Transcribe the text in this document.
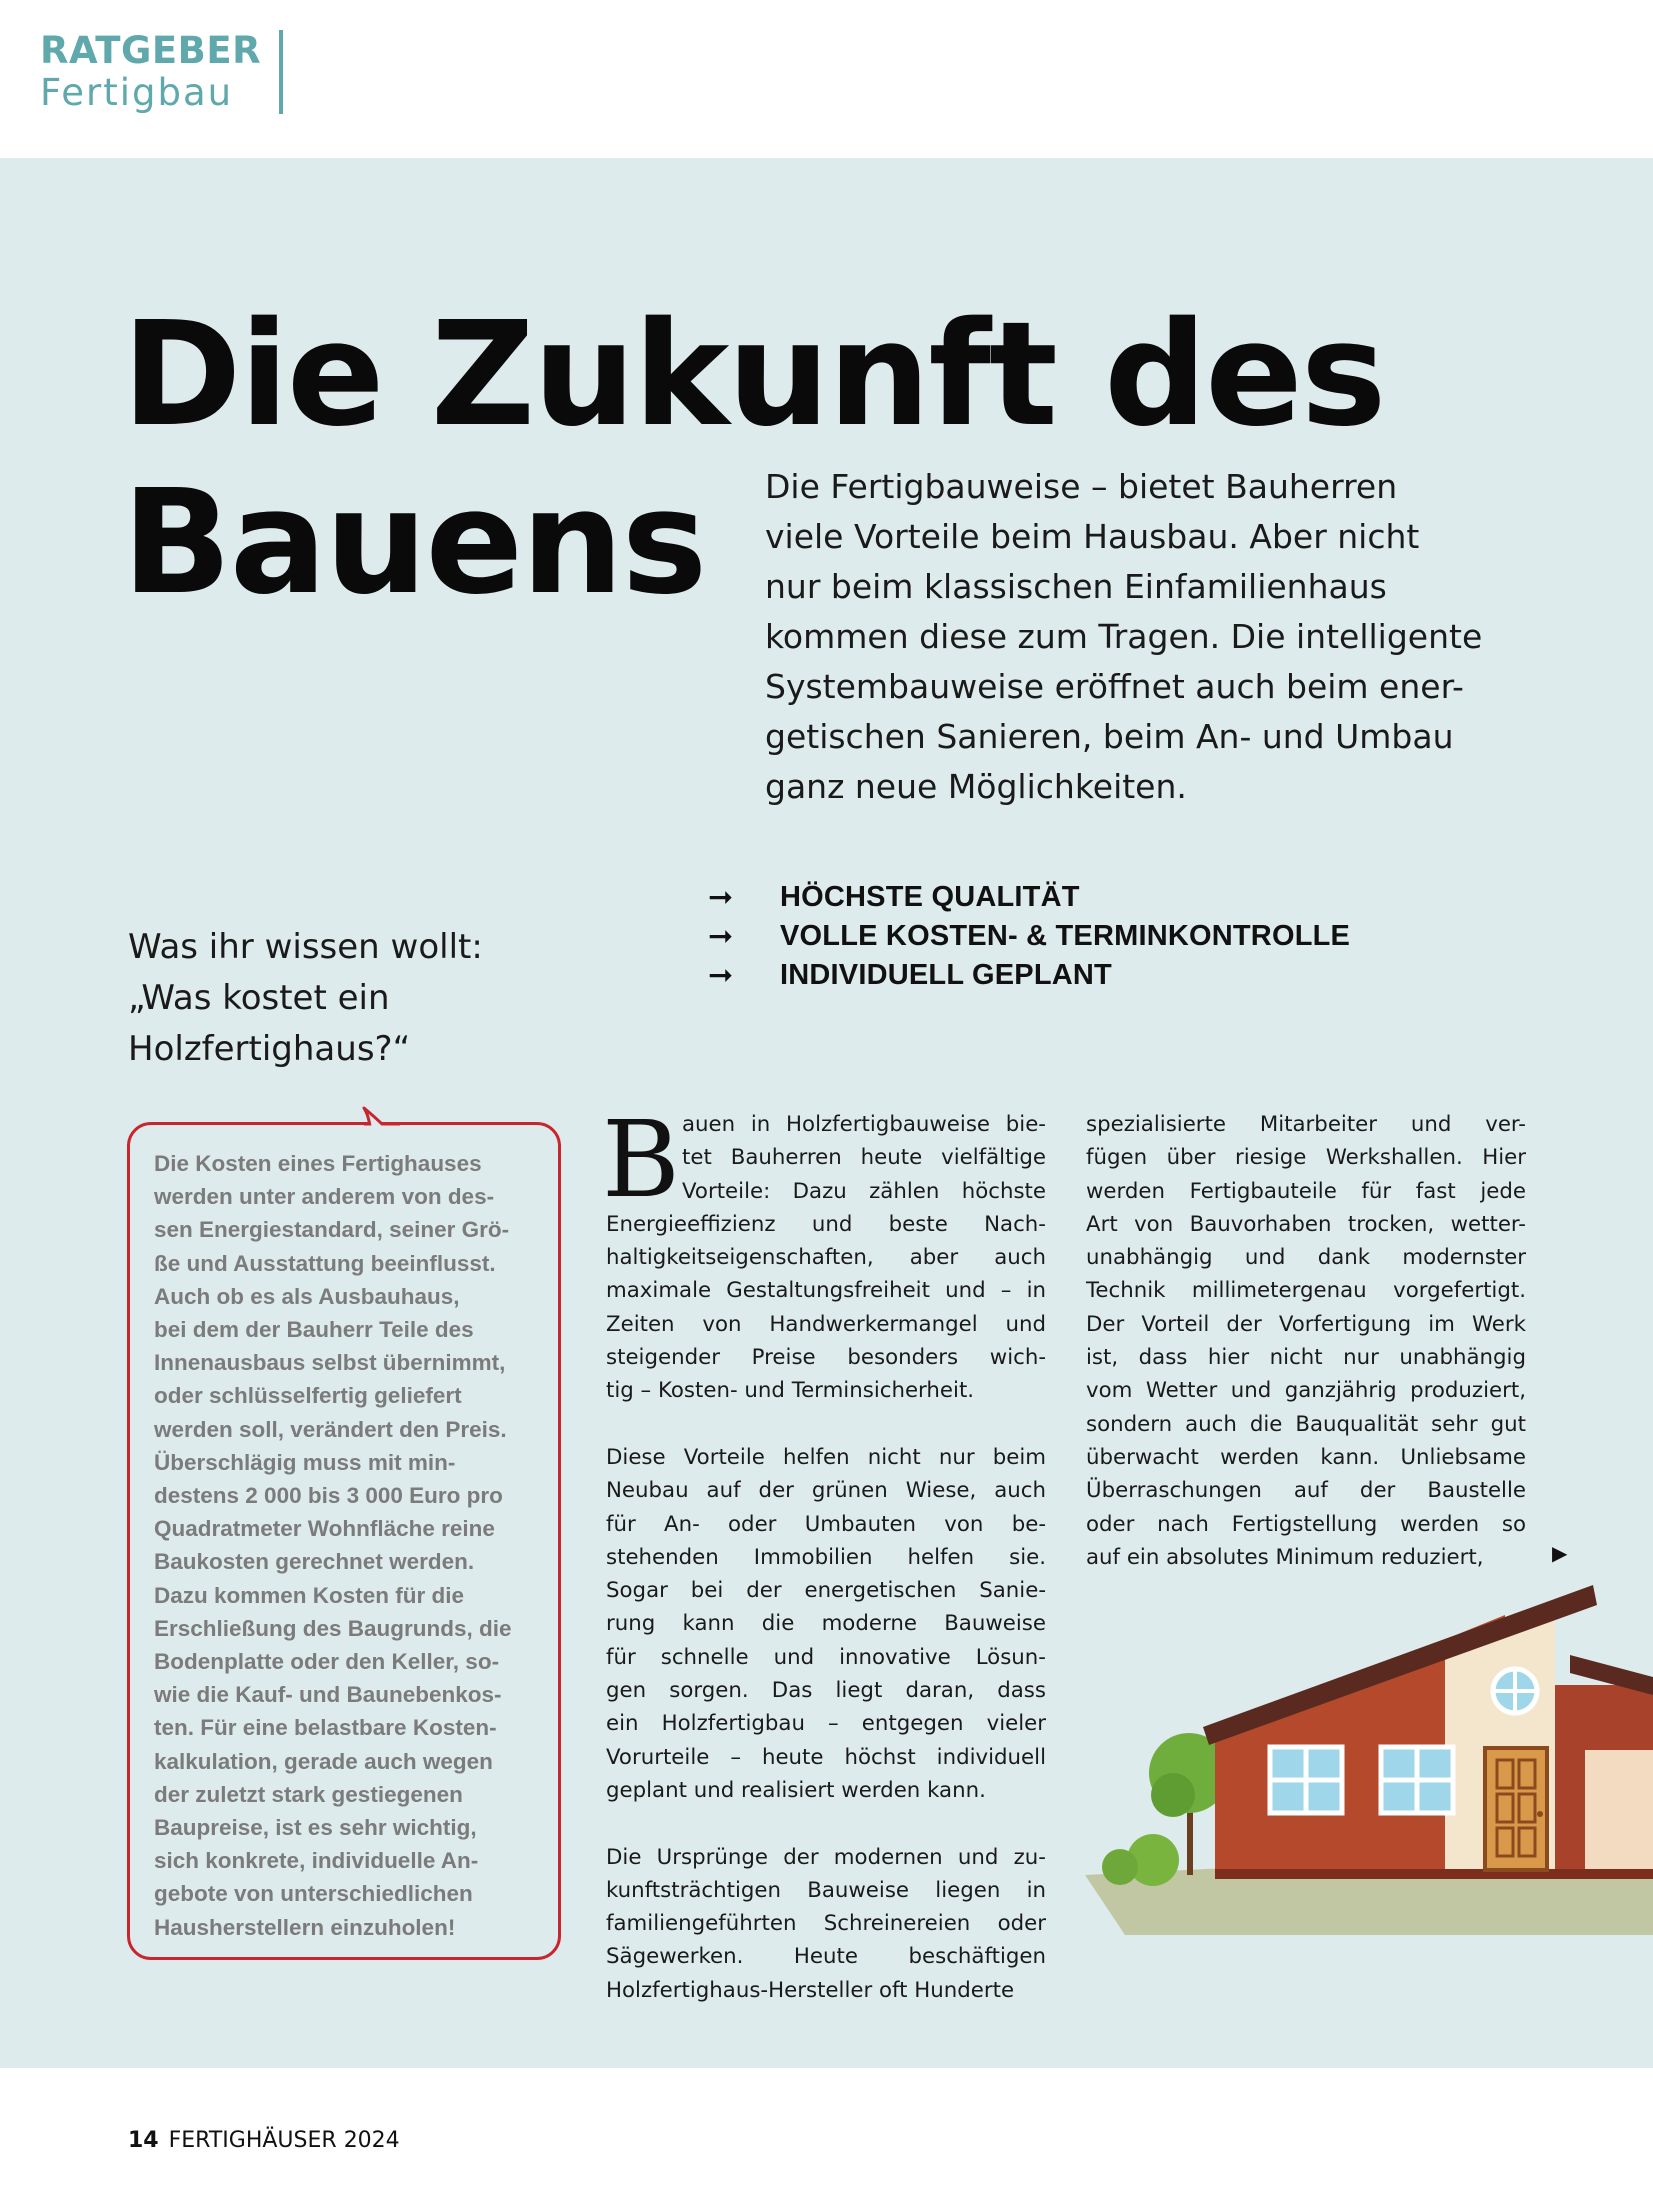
RATGEBER
Fertigbau
Die Zukunft des
Bauens	Die Fertigbauweise – bietet Bauherren
viele Vorteile beim Hausbau. Aber nicht
nur beim klassischen Einfamilienhaus
kommen diese zum Tragen. Die intelligente
Systembauweise eröffnet auch beim ener-
getischen Sanieren, beim An- und Umbau
ganz neue Möglichkeiten.
➞	HÖCHSTE QUALITÄT
➞	VOLLE KOSTEN- & TERMINKONTROLLE
➞	INDIVIDUELL GEPLANT
Was ihr wissen wollt:
„Was kostet ein
Holzfertighaus?“
Die Kosten eines Fertighauses
werden unter anderem von des-
sen Energiestandard, seiner Grö-
ße und Ausstattung beeinflusst.
Auch ob es als Ausbauhaus,
bei dem der Bauherr Teile des
Innenausbaus selbst übernimmt,
oder schlüsselfertig geliefert
werden soll, verändert den Preis.
Überschlägig muss mit min-
destens 2 000 bis 3 000 Euro pro
Quadratmeter Wohnfläche reine
Baukosten gerechnet werden.
Dazu kommen Kosten für die
Erschließung des Baugrunds, die
Bodenplatte oder den Keller, so-
wie die Kauf- und Baunebenkos-
ten. Für eine belastbare Kosten-
kalkulation, gerade auch wegen
der zuletzt stark gestiegenen
Baupreise, ist es sehr wichtig,
sich konkrete, individuelle An-
gebote von unterschiedlichen
Hausherstellern einzuholen!
B auen in Holzfertigbauweise bie-
tet Bauherren heute vielfältige
Vorteile: Dazu zählen höchste
Energieeffizienz und beste Nach-
haltigkeitseigenschaften, aber auch
maximale Gestaltungsfreiheit und – in
Zeiten von Handwerkermangel und
steigender Preise besonders wich-
tig – Kosten- und Terminsicherheit.
Diese Vorteile helfen nicht nur beim
Neubau auf der grünen Wiese, auch
für An- oder Umbauten von be-
stehenden Immobilien helfen sie.
Sogar bei der energetischen Sanie-
rung kann die moderne Bauweise
für schnelle und innovative Lösun-
gen sorgen. Das liegt daran, dass
ein Holzfertigbau – entgegen vieler
Vorurteile – heute höchst individuell
geplant und realisiert werden kann.
Die Ursprünge der modernen und zu-
kunftsträchtigen Bauweise liegen in
familiengeführten Schreinereien oder
Sägewerken. Heute beschäftigen
Holzfertighaus-Hersteller oft Hunderte
spezialisierte Mitarbeiter und ver-
fügen über riesige Werkshallen. Hier
werden Fertigbauteile für fast jede
Art von Bauvorhaben trocken, wetter-
unabhängig und dank modernster
Technik millimetergenau vorgefertigt.
Der Vorteil der Vorfertigung im Werk
ist, dass hier nicht nur unabhängig
vom Wetter und ganzjährig produziert,
sondern auch die Bauqualität sehr gut
überwacht werden kann. Unliebsame
Überraschungen auf der Baustelle
oder nach Fertigstellung werden so
auf ein absolutes Minimum reduziert,	▶
14 FERTIGHÄUSER 2024
